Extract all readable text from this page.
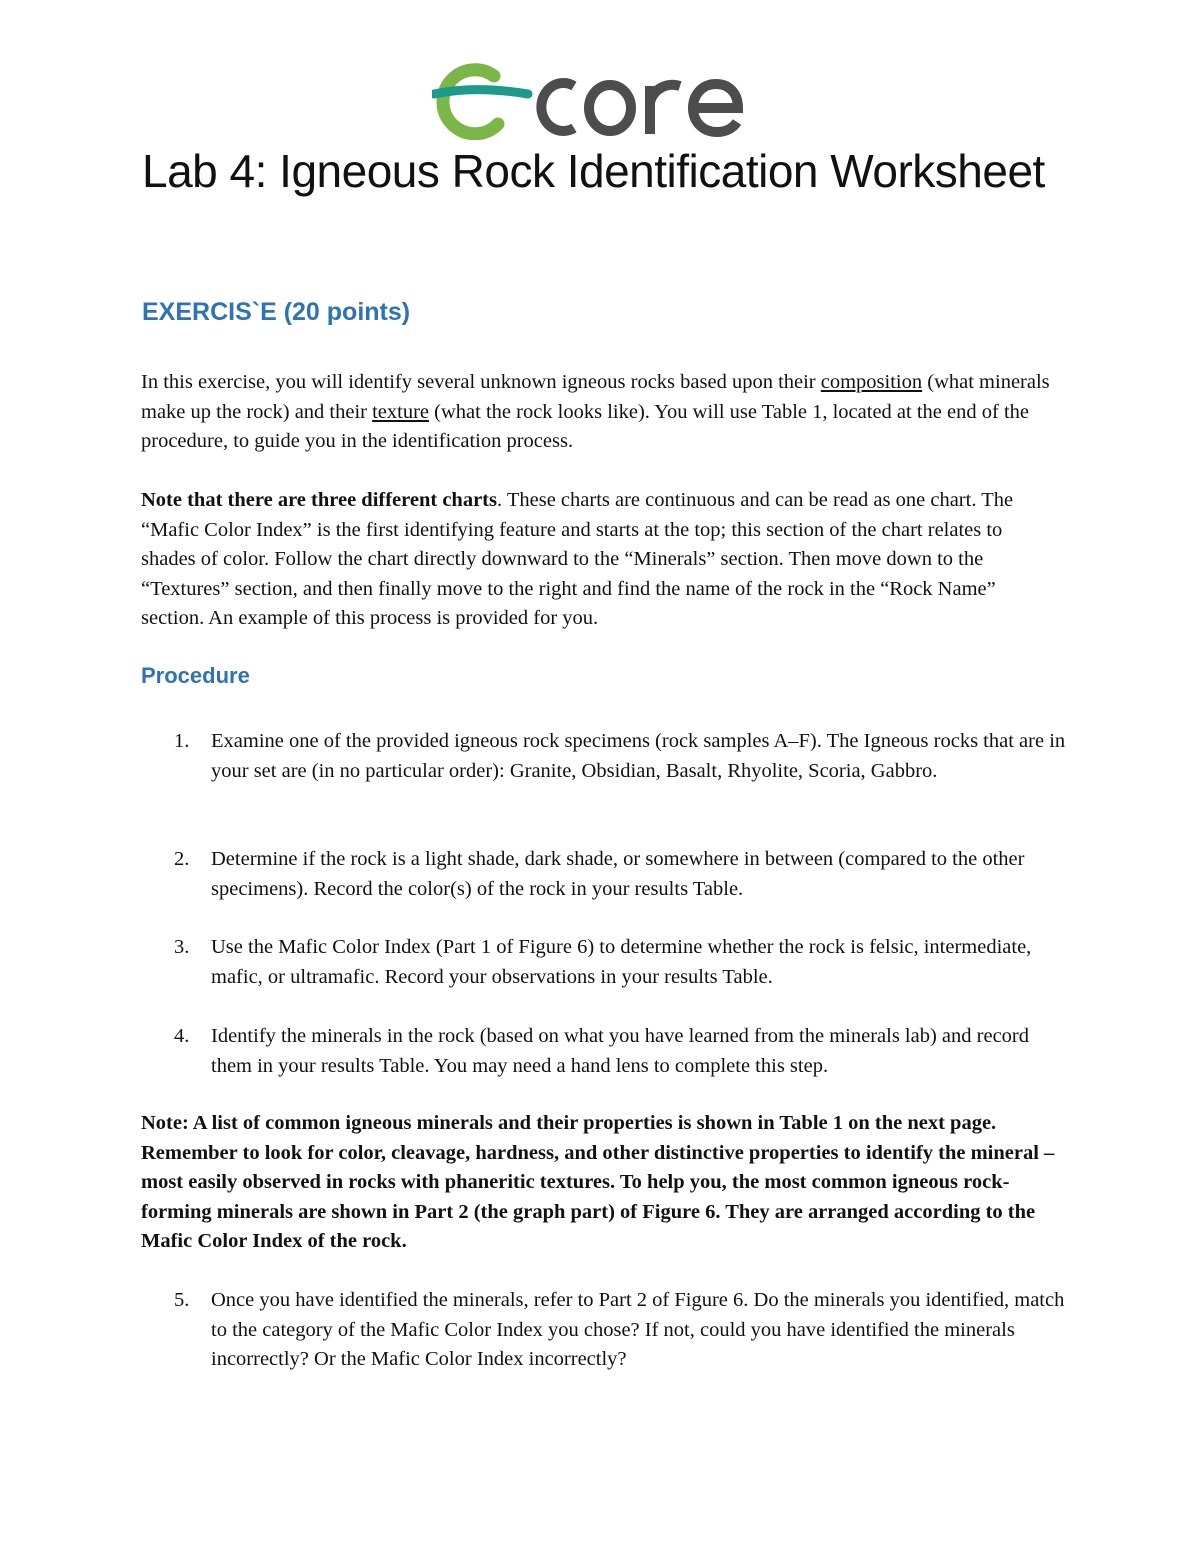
Lab 4: Igneous Rock Identification Worksheet
EXERCIS`E (20 points)

In this exercise, you will identify several unknown igneous rocks based upon their composition (what minerals make up the rock) and their texture (what the rock looks like). You will use Table 1, located at the end of the procedure, to guide you in the identification process.

Note that there are three different charts. These charts are continuous and can be read as one chart. The “Mafic Color Index” is the first identifying feature and starts at the top; this section of the chart relates to shades of color. Follow the chart directly downward to the “Minerals” section. Then move down to the “Textures” section, and then finally move to the right and find the name of the rock in the “Rock Name” section. An example of this process is provided for you.

Procedure
1.	Examine one of the provided igneous rock specimens (rock samples A–F). The Igneous rocks that are in your set are (in no particular order): Granite, Obsidian, Basalt, Rhyolite, Scoria, Gabbro.
2.	Determine if the rock is a light shade, dark shade, or somewhere in between (compared to the other specimens). Record the color(s) of the rock in your results Table.
3.	Use the Mafic Color Index (Part 1 of Figure 6) to determine whether the rock is felsic, intermediate, mafic, or ultramafic. Record your observations in your results Table.
4.	Identify the minerals in the rock (based on what you have learned from the minerals lab) and record them in your results Table. You may need a hand lens to complete this step.

Note: A list of common igneous minerals and their properties is shown in Table 1 on the next page. Remember to look for color, cleavage, hardness, and other distinctive properties to identify the mineral – most easily observed in rocks with phaneritic textures. To help you, the most common igneous rock-forming minerals are shown in Part 2 (the graph part) of Figure 6. They are arranged according to the Mafic Color Index of the rock.

5.	Once you have identified the minerals, refer to Part 2 of Figure 6. Do the minerals you identified, match to the category of the Mafic Color Index you chose? If not, could you have identified the minerals incorrectly? Or the Mafic Color Index incorrectly?
